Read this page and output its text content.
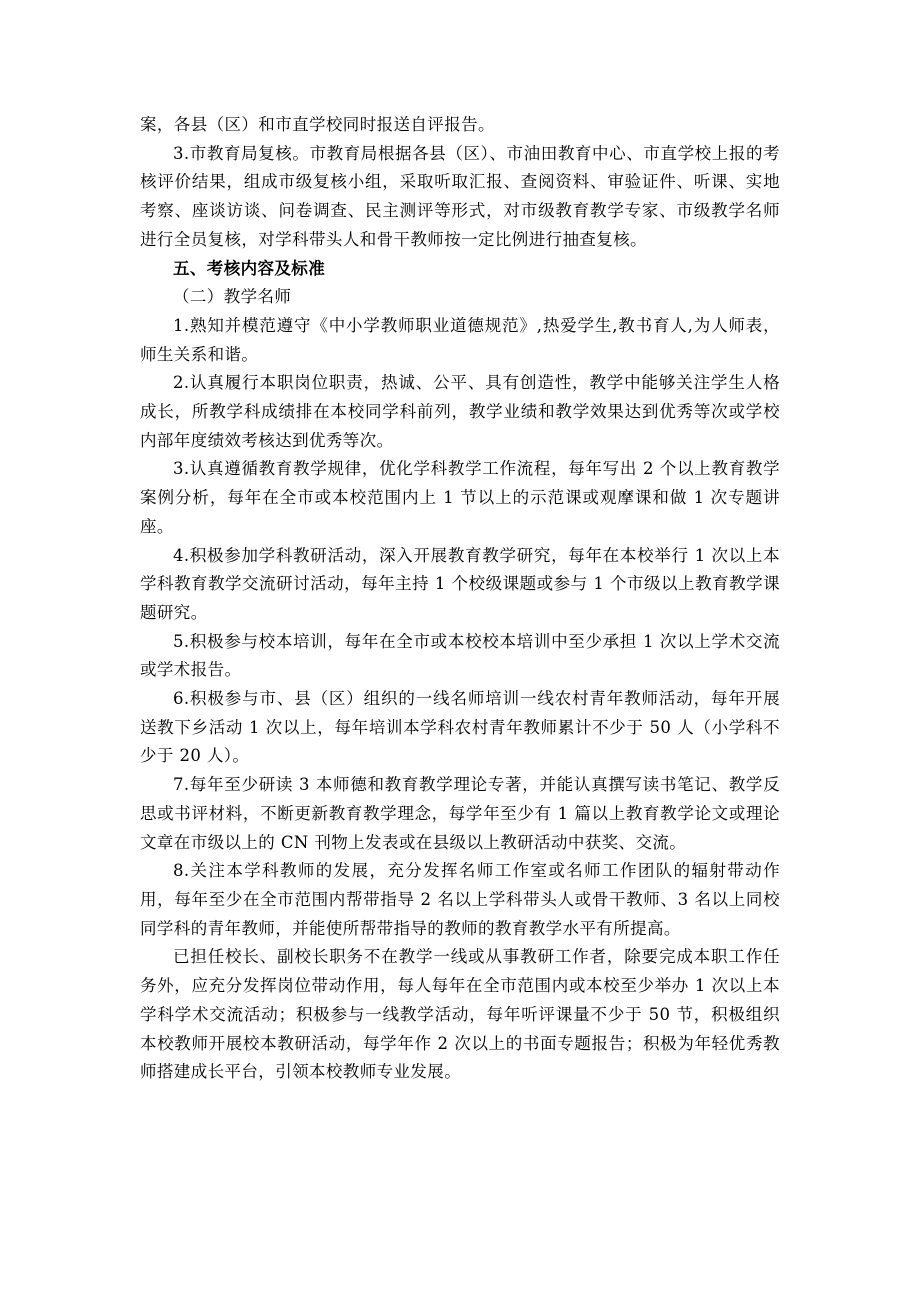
案，各县（区）和市直学校同时报送自评报告。

3.市教育局复核。市教育局根据各县（区）、市油田教育中心、市直学校上报的考核评价结果，组成市级复核小组，采取听取汇报、查阅资料、审验证件、听课、实地考察、座谈访谈、问卷调查、民主测评等形式，对市级教育教学专家、市级教学名师进行全员复核，对学科带头人和骨干教师按一定比例进行抽查复核。

五、考核内容及标准

（二）教学名师

1.熟知并模范遵守《中小学教师职业道德规范》,热爱学生,教书育人,为人师表，师生关系和谐。

2.认真履行本职岗位职责，热诚、公平、具有创造性，教学中能够关注学生人格成长，所教学科成绩排在本校同学科前列，教学业绩和教学效果达到优秀等次或学校内部年度绩效考核达到优秀等次。

3.认真遵循教育教学规律，优化学科教学工作流程，每年写出 2 个以上教育教学案例分析，每年在全市或本校范围内上 1 节以上的示范课或观摩课和做 1 次专题讲座。

4.积极参加学科教研活动，深入开展教育教学研究，每年在本校举行 1 次以上本学科教育教学交流研讨活动，每年主持 1 个校级课题或参与 1 个市级以上教育教学课题研究。

5.积极参与校本培训，每年在全市或本校校本培训中至少承担 1 次以上学术交流或学术报告。

6.积极参与市、县（区）组织的一线名师培训一线农村青年教师活动，每年开展送教下乡活动 1 次以上，每年培训本学科农村青年教师累计不少于 50 人（小学科不少于 20 人）。

7.每年至少研读 3 本师德和教育教学理论专著，并能认真撰写读书笔记、教学反思或书评材料，不断更新教育教学理念，每学年至少有 1 篇以上教育教学论文或理论文章在市级以上的 CN 刊物上发表或在县级以上教研活动中获奖、交流。

8.关注本学科教师的发展，充分发挥名师工作室或名师工作团队的辐射带动作用，每年至少在全市范围内帮带指导 2 名以上学科带头人或骨干教师、3 名以上同校同学科的青年教师，并能使所帮带指导的教师的教育教学水平有所提高。

已担任校长、副校长职务不在教学一线或从事教研工作者，除要完成本职工作任务外，应充分发挥岗位带动作用，每人每年在全市范围内或本校至少举办 1 次以上本学科学术交流活动；积极参与一线教学活动，每年听评课量不少于 50 节，积极组织本校教师开展校本教研活动，每学年作 2 次以上的书面专题报告；积极为年轻优秀教师搭建成长平台，引领本校教师专业发展。
